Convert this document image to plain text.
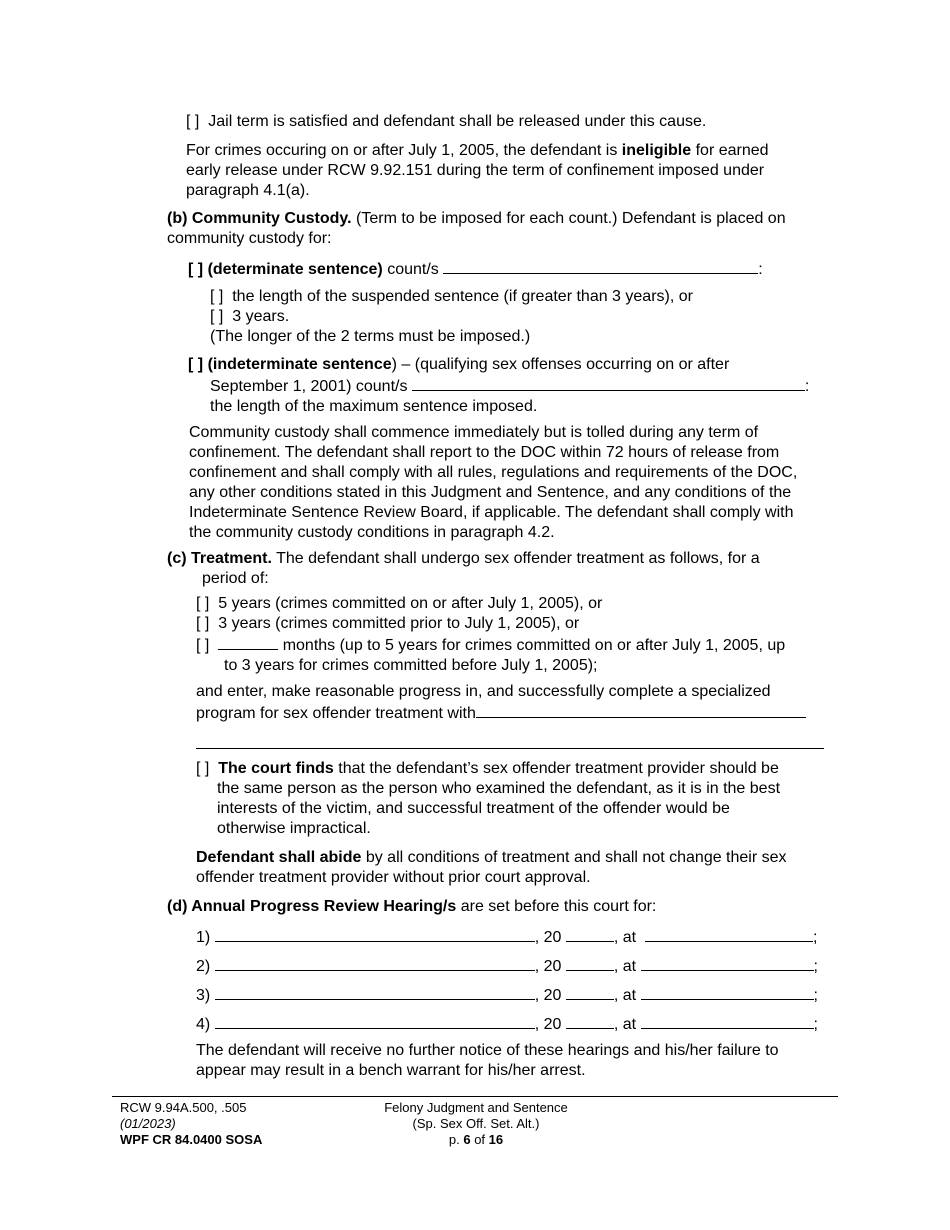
[ ] Jail term is satisfied and defendant shall be released under this cause.
For crimes occuring on or after July 1, 2005, the defendant is ineligible for earned
early release under RCW 9.92.151 during the term of confinement imposed under
paragraph 4.1(a).
(b) Community Custody. (Term to be imposed for each count.) Defendant is placed on
community custody for:
[ ] (determinate sentence) count/s	:
[ ] the length of the suspended sentence (if greater than 3 years), or
[ ] 3 years.
(The longer of the 2 terms must be imposed.)
[ ] (indeterminate sentence) – (qualifying sex offenses occurring on or after
September 1, 2001) count/s	:
the length of the maximum sentence imposed.
Community custody shall commence immediately but is tolled during any term of
confinement. The defendant shall report to the DOC within 72 hours of release from
confinement and shall comply with all rules, regulations and requirements of the DOC,
any other conditions stated in this Judgment and Sentence, and any conditions of the
Indeterminate Sentence Review Board, if applicable. The defendant shall comply with
the community custody conditions in paragraph 4.2.
(c) Treatment. The defendant shall undergo sex offender treatment as follows, for a
period of:
[ ] 5 years (crimes committed on or after July 1, 2005), or
[ ] 3 years (crimes committed prior to July 1, 2005), or
[ ]	months (up to 5 years for crimes committed on or after July 1, 2005, up
to 3 years for crimes committed before July 1, 2005);
and enter, make reasonable progress in, and successfully complete a specialized
program for sex offender treatment with
[ ] The court finds that the defendant’s sex offender treatment provider should be
the same person as the person who examined the defendant, as it is in the best
interests of the victim, and successful treatment of the offender would be
otherwise impractical.
Defendant shall abide by all conditions of treatment and shall not change their sex
offender treatment provider without prior court approval.
(d) Annual Progress Review Hearing/s are set before this court for:
1)	, 20	, at	;
2)	, 20	, at	;
3)	, 20	, at	;
4)	, 20	, at	;
The defendant will receive no further notice of these hearings and his/her failure to
appear may result in a bench warrant for his/her arrest.
RCW 9.94A.500, .505
(01/2023)
WPF CR 84.0400 SOSA
Felony Judgment and Sentence
(Sp. Sex Off. Set. Alt.)
p. 6 of 16
